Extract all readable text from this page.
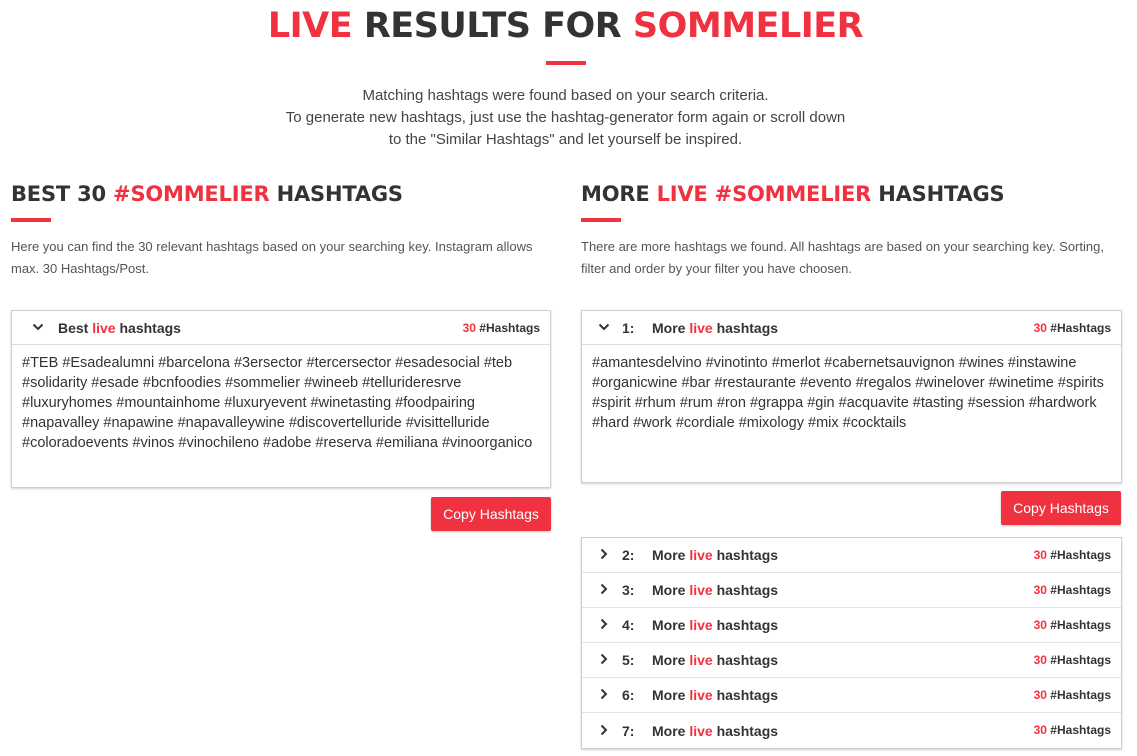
LIVE RESULTS FOR SOMMELIER
Matching hashtags were found based on your search criteria.
To generate new hashtags, just use the hashtag-generator form again or scroll down
to the "Similar Hashtags" and let yourself be inspired.
BEST 30 #SOMMELIER HASHTAGS

Here you can find the 30 relevant hashtags based on your searching key. Instagram allows max. 30 Hashtags/Post.

Best live hashtags	30 #Hashtags
#TEB #Esadealumni #barcelona #3ersector #tercersector #esadesocial #teb #solidarity #esade #bcnfoodies #sommelier #wineeb #tellurideresrve #luxuryhomes #mountainhome #luxuryevent #winetasting #foodpairing #napavalley #napawine #napavalleywine #discovertelluride #visittelluride #coloradoevents #vinos #vinochileno #adobe #reserva #emiliana #vinoorganico
Copy Hashtags
MORE LIVE #SOMMELIER HASHTAGS

There are more hashtags we found. All hashtags are based on your searching key. Sorting, filter and order by your filter you have choosen.

1:	More live hashtags	30 #Hashtags
#amantesdelvino #vinotinto #merlot #cabernetsauvignon #wines #instawine #organicwine #bar #restaurante #evento #regalos #winelover #winetime #spirits #spirit #rhum #rum #ron #grappa #gin #acquavite #tasting #session #hardwork #hard #work #cordiale #mixology #mix #cocktails
Copy Hashtags
2:	More live hashtags	30 #Hashtags
3:	More live hashtags	30 #Hashtags
4:	More live hashtags	30 #Hashtags
5:	More live hashtags	30 #Hashtags
6:	More live hashtags	30 #Hashtags
7:	More live hashtags	30 #Hashtags
